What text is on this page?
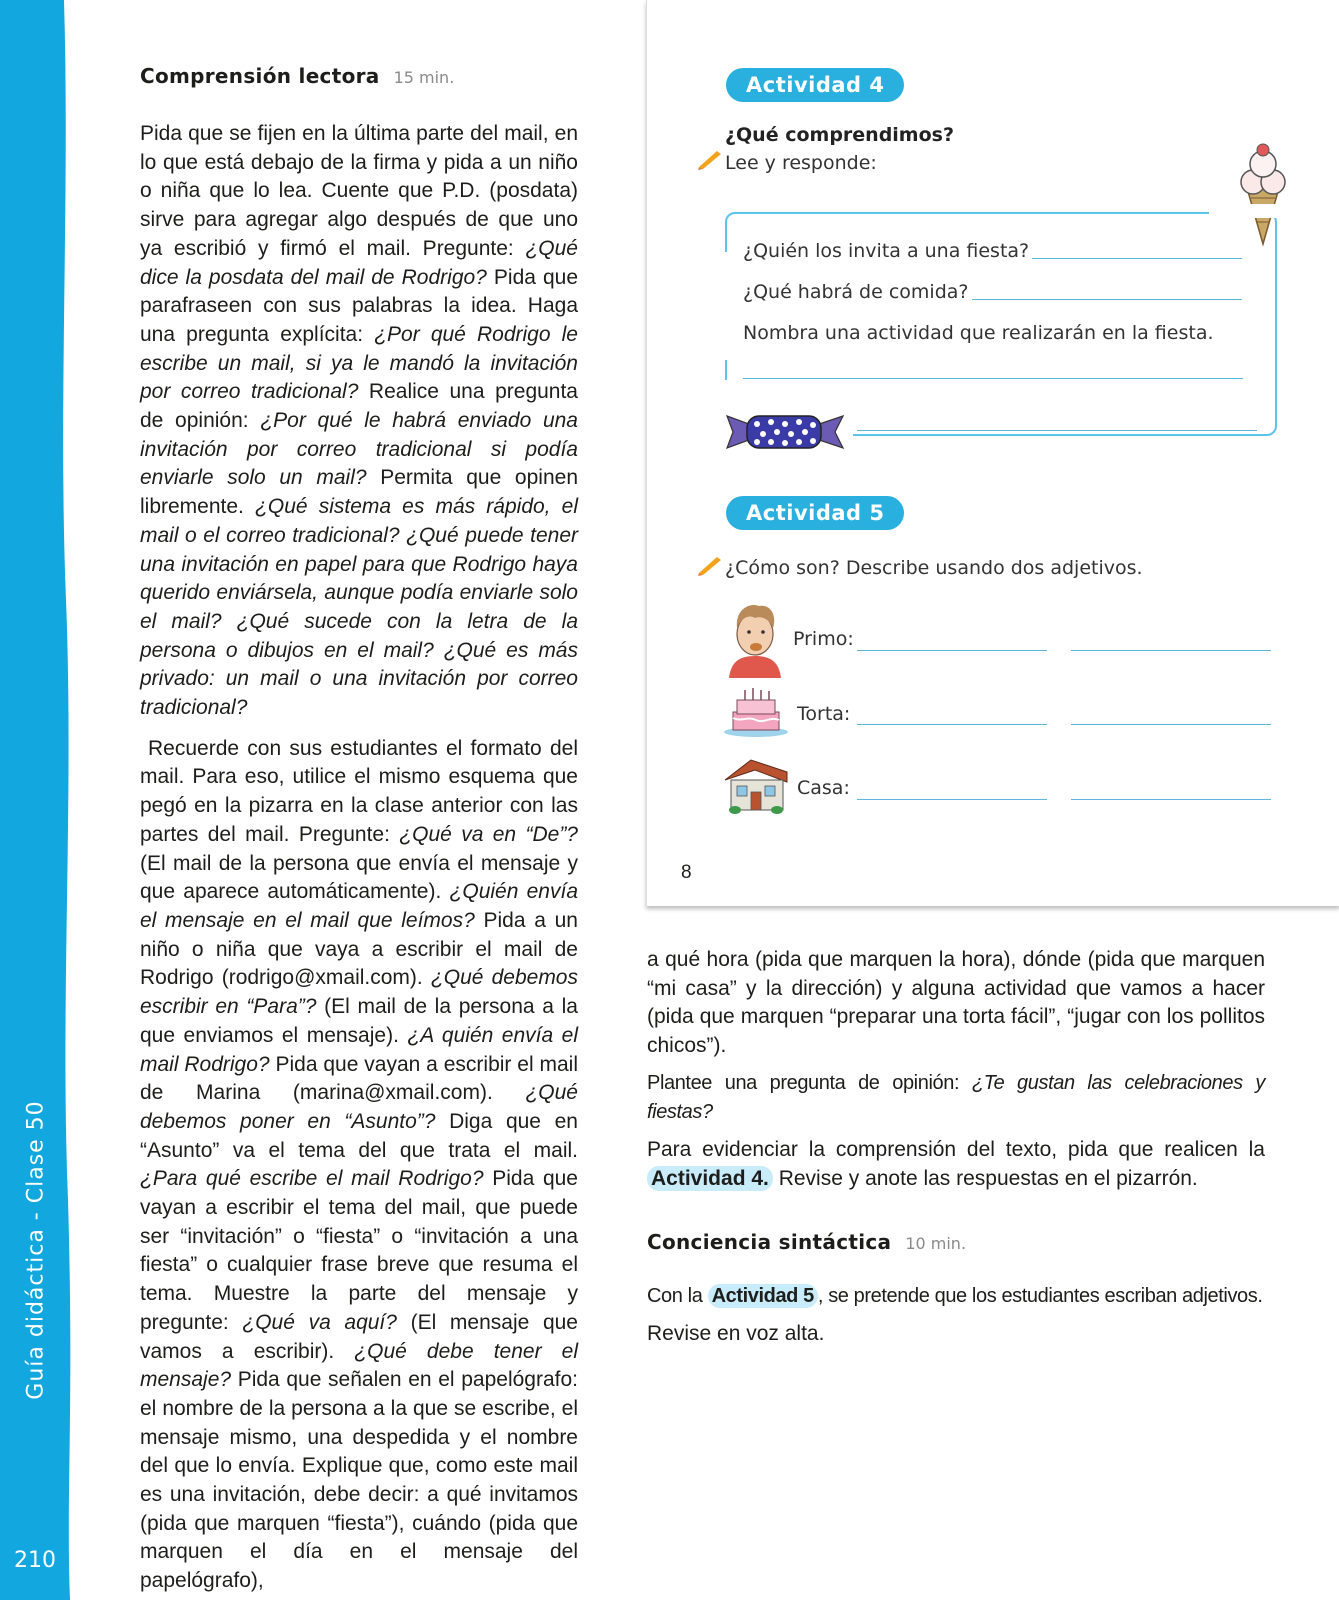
Guía didáctica - Clase 50
210
Comprensión lectora 15 min.

Pida que se fijen en la última parte del mail, en lo que está debajo de la firma y pida a un niño o niña que lo lea. Cuente que P.D. (posdata) sirve para agregar algo después de que uno ya escribió y firmó el mail. Pregunte: ¿Qué dice la posdata del mail de Rodrigo? Pida que parafraseen con sus palabras la idea. Haga una pregunta explícita: ¿Por qué Rodrigo le escribe un mail, si ya le mandó la invitación por correo tradicional? Realice una pregunta de opinión: ¿Por qué le habrá enviado una invitación por correo tradicional si podía enviarle solo un mail? Permita que opinen libremente. ¿Qué sistema es más rápido, el mail o el correo tradicional? ¿Qué puede tener una invitación en papel para que Rodrigo haya querido enviársela, aunque podía enviarle solo el mail? ¿Qué sucede con la letra de la persona o dibujos en el mail? ¿Qué es más privado: un mail o una invitación por correo tradicional?

Recuerde con sus estudiantes el formato del mail. Para eso, utilice el mismo esquema que pegó en la pizarra en la clase anterior con las partes del mail. Pregunte: ¿Qué va en “De”? (El mail de la persona que envía el mensaje y que aparece automáticamente). ¿Quién envía el mensaje en el mail que leímos? Pida a un niño o niña que vaya a escribir el mail de Rodrigo (rodrigo@xmail.com). ¿Qué debemos escribir en “Para”? (El mail de la persona a la que enviamos el mensaje). ¿A quién envía el mail Rodrigo? Pida que vayan a escribir el mail de Marina (marina@xmail.com). ¿Qué debemos poner en “Asunto”? Diga que en “Asunto” va el tema del que trata el mail. ¿Para qué escribe el mail Rodrigo? Pida que vayan a escribir el tema del mail, que puede ser “invitación” o “fiesta” o “invitación a una fiesta” o cualquier frase breve que resuma el tema. Muestre la parte del mensaje y pregunte: ¿Qué va aquí? (El mensaje que vamos a escribir). ¿Qué debe tener el mensaje? Pida que señalen en el papelógrafo: el nombre de la persona a la que se escribe, el mensaje mismo, una despedida y el nombre del que lo envía. Explique que, como este mail es una invitación, debe decir: a qué invitamos (pida que marquen “fiesta”), cuándo (pida que marquen el día en el mensaje del papelógrafo),

Actividad 4
¿Qué comprendimos?
Lee y responde:
¿Quién los invita a una fiesta?
¿Qué habrá de comida?
Nombra una actividad que realizarán en la fiesta.
Actividad 5
¿Cómo son? Describe usando dos adjetivos.
Primo:
Torta:
Casa:
8

a qué hora (pida que marquen la hora), dónde (pida que marquen “mi casa” y la dirección) y alguna actividad que vamos a hacer (pida que marquen “preparar una torta fácil”, “jugar con los pollitos chicos”).

Plantee una pregunta de opinión: ¿Te gustan las celebraciones y fiestas?

Para evidenciar la comprensión del texto, pida que realicen la Actividad 4. Revise y anote las respuestas en el pizarrón.

Conciencia sintáctica 10 min.

Con la Actividad 5 , se pretende que los estudiantes escriban adjetivos.

Revise en voz alta.
